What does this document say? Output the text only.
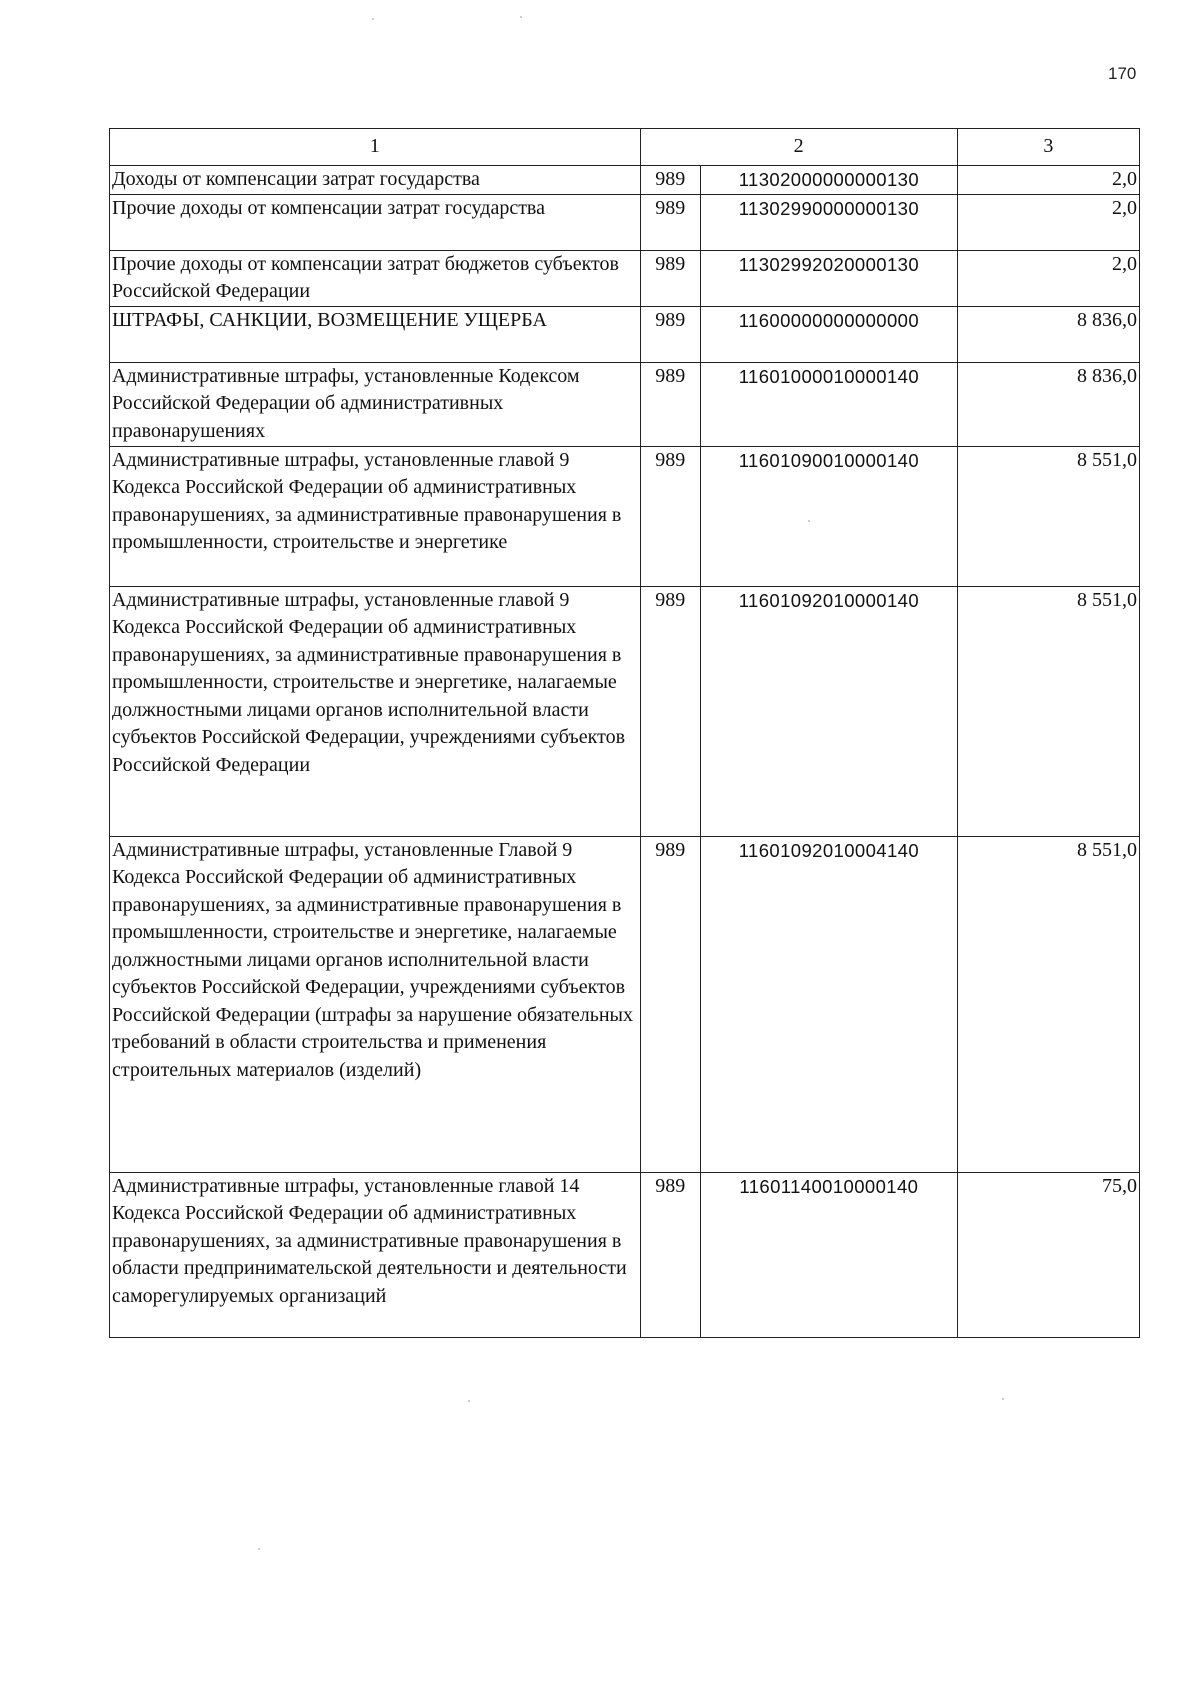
170
1	2		3
Доходы от компенсации затрат государства	989	11302000000000130	2,0
Прочие доходы от компенсации затрат государства	989	11302990000000130	2,0
Прочие доходы от компенсации затрат бюджетов субъектов Российской Федерации	989	11302992020000130	2,0
ШТРАФЫ, САНКЦИИ, ВОЗМЕЩЕНИЕ УЩЕРБА	989	11600000000000000	8 836,0
Административные штрафы, установленные Кодексом Российской Федерации об административных правонарушениях	989	11601000010000140	8 836,0
Административные штрафы, установленные главой 9 Кодекса Российской Федерации об административных правонарушениях, за административные правонарушения в промышленности, строительстве и энергетике	989	11601090010000140	8 551,0
Административные штрафы, установленные главой 9 Кодекса Российской Федерации об административных правонарушениях, за административные правонарушения в промышленности, строительстве и энергетике, налагаемые должностными лицами органов исполнительной власти субъектов Российской Федерации, учреждениями субъектов Российской Федерации	989	11601092010000140	8 551,0
Административные штрафы, установленные Главой 9 Кодекса Российской Федерации об административных правонарушениях, за административные правонарушения в промышленности, строительстве и энергетике, налагаемые должностными лицами органов исполнительной власти субъектов Российской Федерации, учреждениями субъектов Российской Федерации (штрафы за нарушение обязательных требований в области строительства и применения строительных материалов (изделий)	989	11601092010004140	8 551,0
Административные штрафы, установленные главой 14 Кодекса Российской Федерации об административных правонарушениях, за административные правонарушения в области предпринимательской деятельности и деятельности саморегулируемых организаций	989	11601140010000140	75,0
